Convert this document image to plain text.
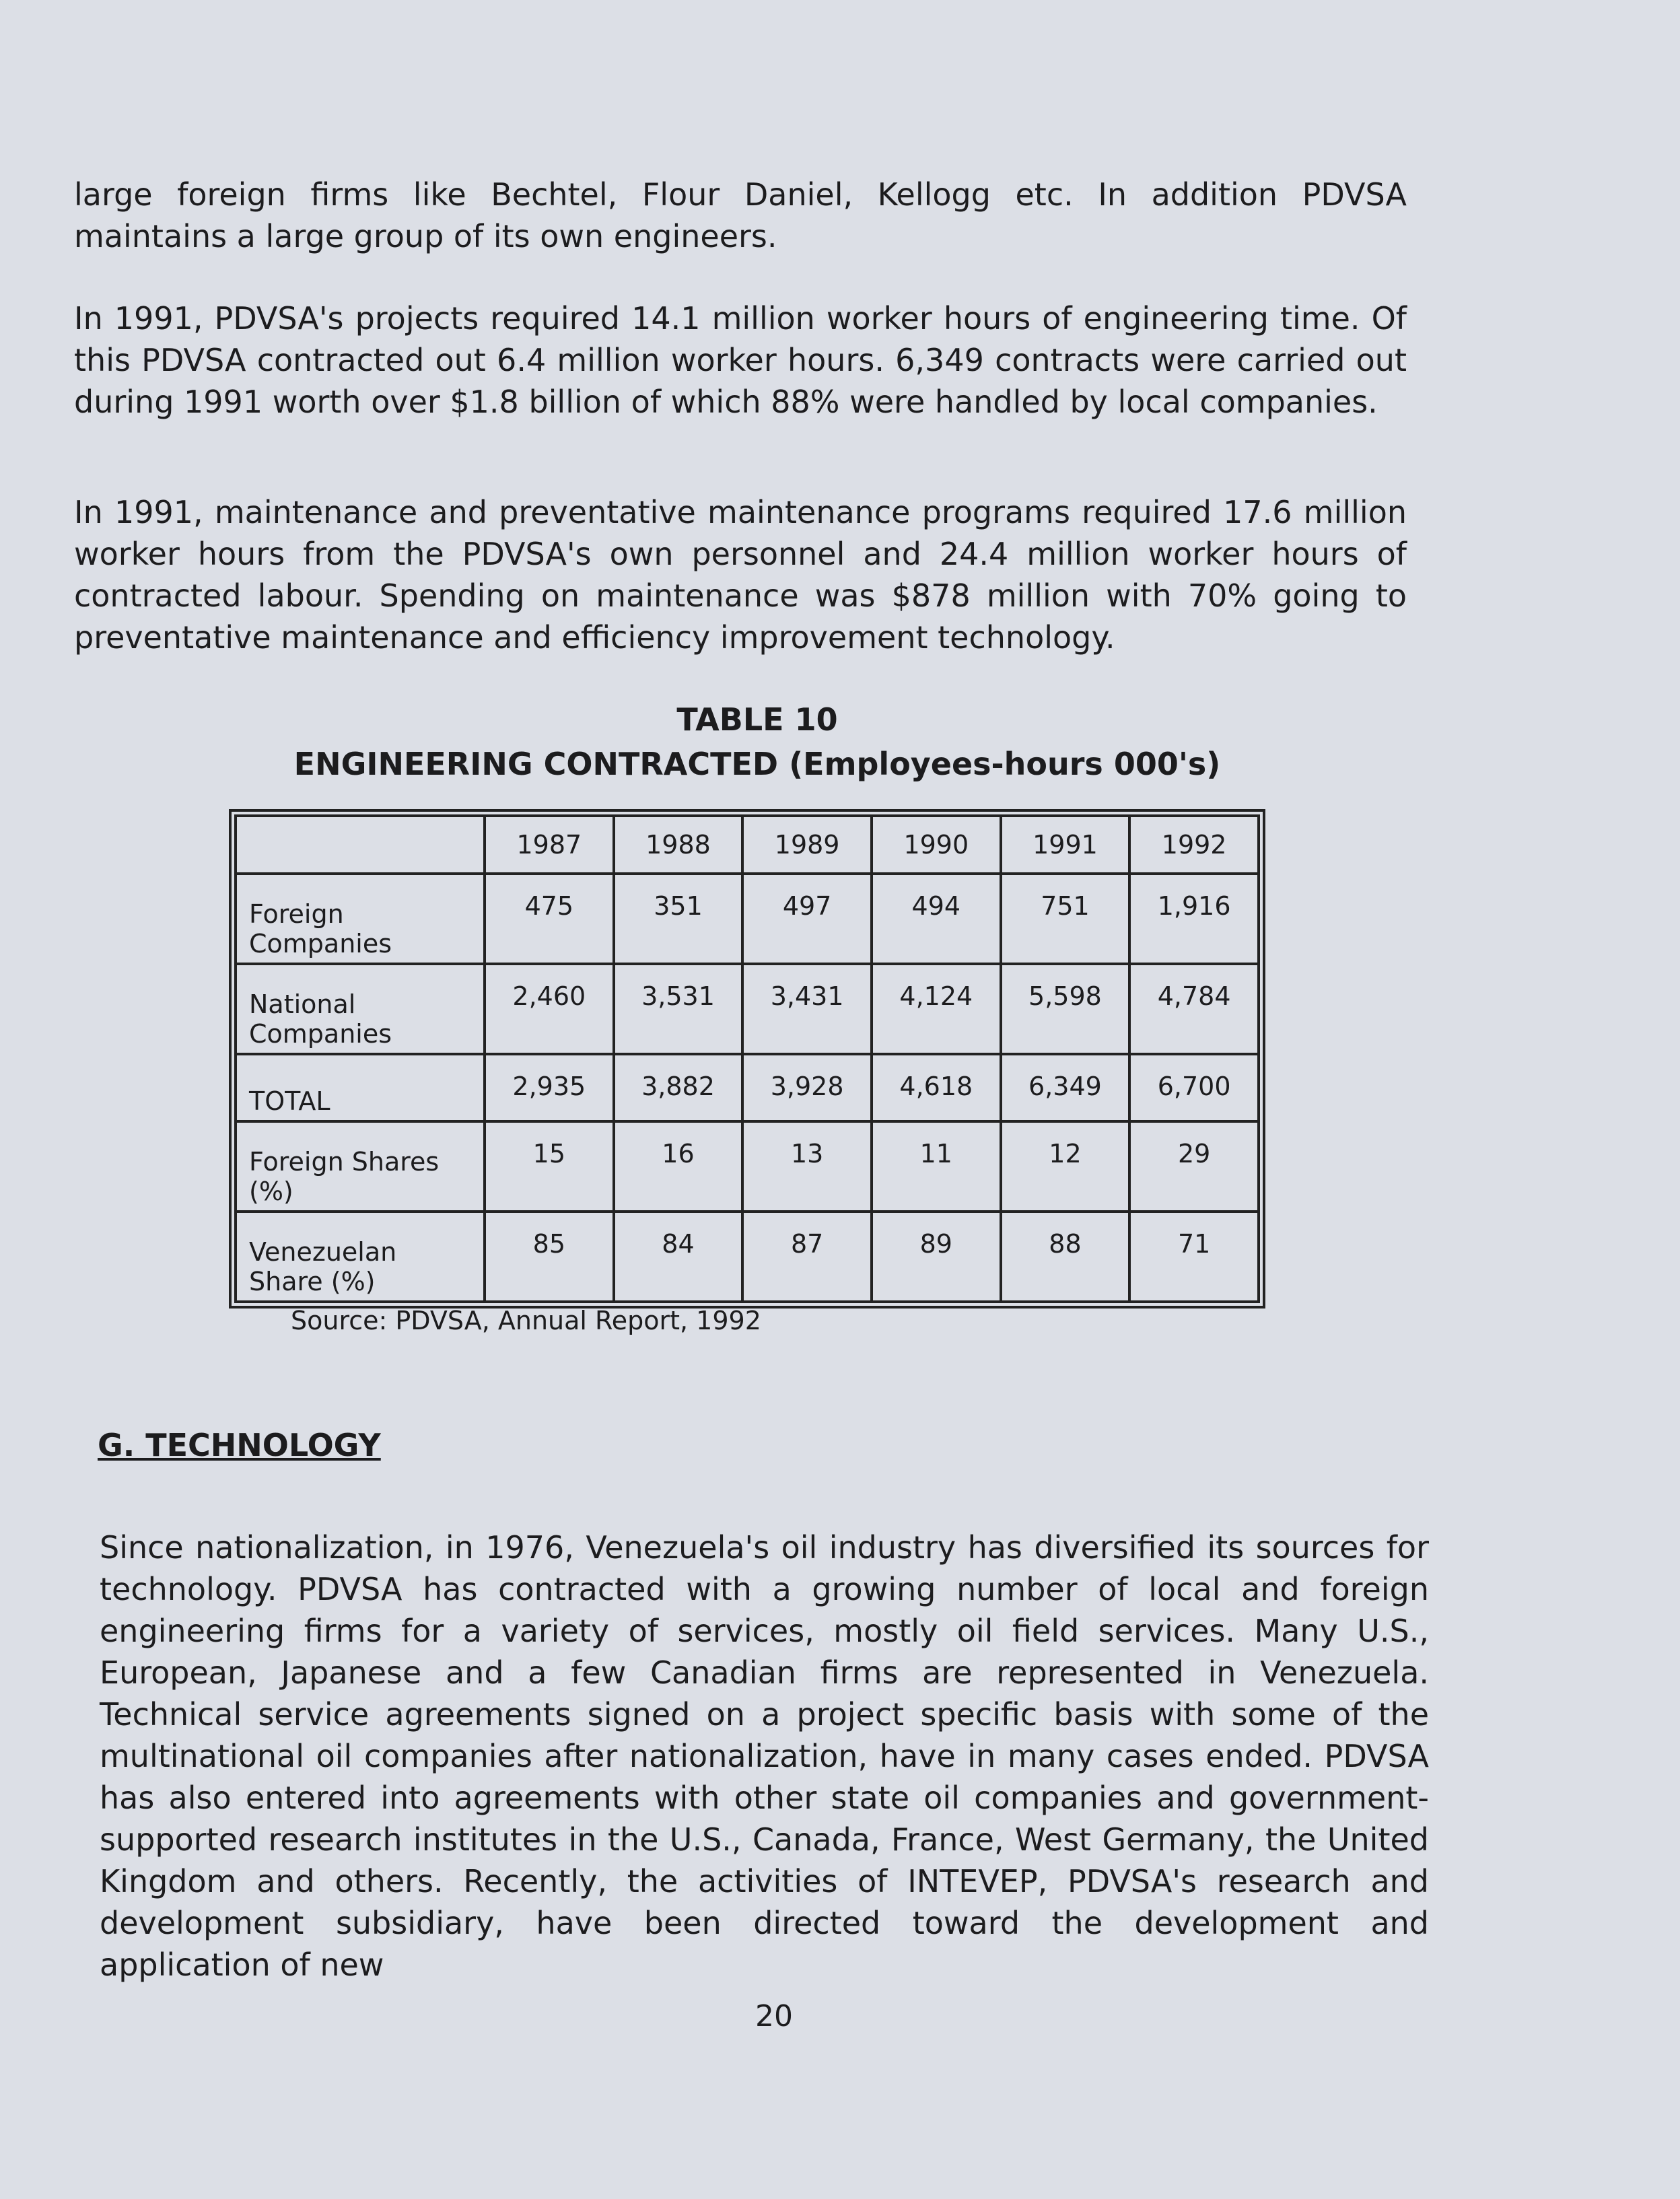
large foreign firms like Bechtel, Flour Daniel, Kellogg etc. In addition PDVSA maintains a large group of its own engineers.

In 1991, PDVSA's projects required 14.1 million worker hours of engineering time. Of this PDVSA contracted out 6.4 million worker hours. 6,349 contracts were carried out during 1991 worth over $1.8 billion of which 88% were handled by local companies.

In 1991, maintenance and preventative maintenance programs required 17.6 million worker hours from the PDVSA's own personnel and 24.4 million worker hours of contracted labour. Spending on maintenance was $878 million with 70% going to preventative maintenance and efficiency improvement technology.

TABLE 10

ENGINEERING CONTRACTED (Employees-hours 000's)

	1987	1988	1989	1990	1991	1992
Foreign Companies	475	351	497	494	751	1,916
National Companies	2,460	3,531	3,431	4,124	5,598	4,784
TOTAL	2,935	3,882	3,928	4,618	6,349	6,700
Foreign Shares (%)	15	16	13	11	12	29
Venezuelan Share (%)	85	84	87	89	88	71

Source: PDVSA, Annual Report, 1992

G. TECHNOLOGY

Since nationalization, in 1976, Venezuela's oil industry has diversified its sources for technology. PDVSA has contracted with a growing number of local and foreign engineering firms for a variety of services, mostly oil field services. Many U.S., European, Japanese and a few Canadian firms are represented in Venezuela. Technical service agreements signed on a project specific basis with some of the multinational oil companies after nationalization, have in many cases ended. PDVSA has also entered into agreements with other state oil companies and government-supported research institutes in the U.S., Canada, France, West Germany, the United Kingdom and others. Recently, the activities of INTEVEP, PDVSA's research and development subsidiary, have been directed toward the development and application of new

20
